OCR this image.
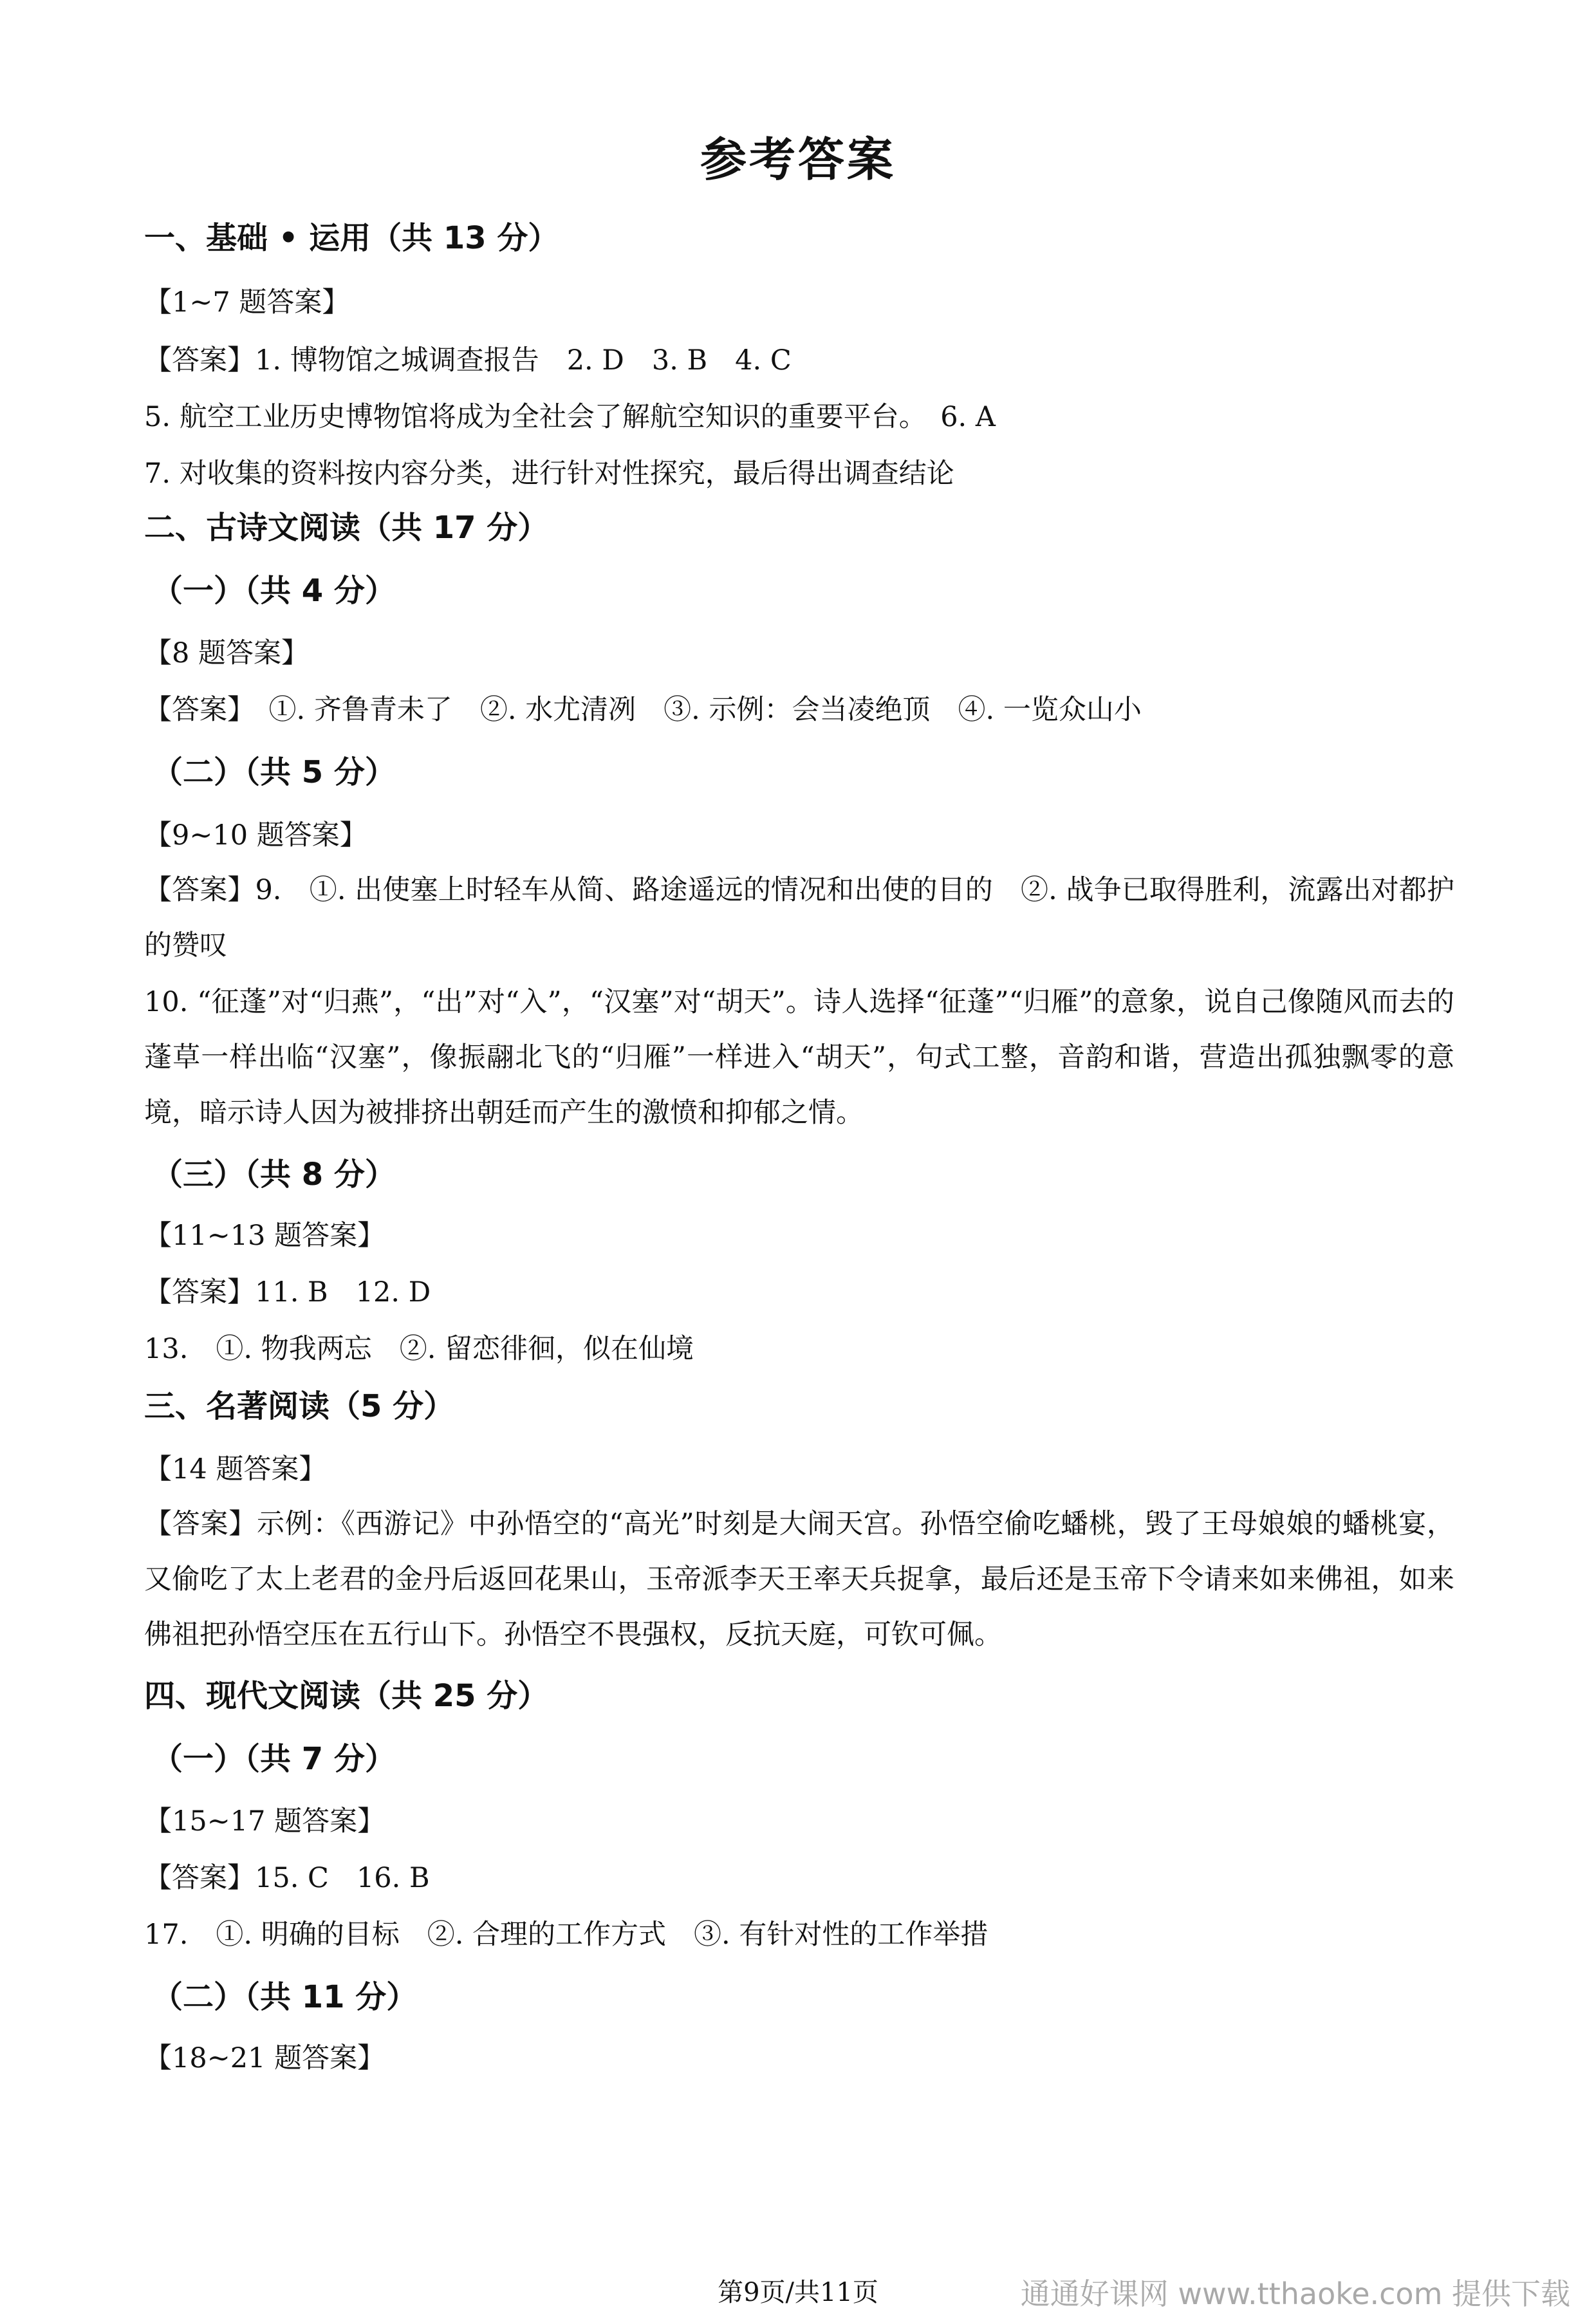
参考答案
一、基础 • 运用（共 13 分）
【1~7 题答案】
【答案】1. 博物馆之城调查报告　2. D　3. B　4. C
5. 航空工业历史博物馆将成为全社会了解航空知识的重要平台。　6. A
7. 对收集的资料按内容分类，进行针对性探究，最后得出调查结论
二、古诗文阅读（共 17 分）
（一）（共 4 分）
【8 题答案】
【答案】　①. 齐鲁青未了　②. 水尤清冽　③. 示例：会当凌绝顶　④. 一览众山小
（二）（共 5 分）
【9~10 题答案】
【答案】9.　①. 出使塞上时轻车从简、路途遥远的情况和出使的目的　②. 战争已取得胜利，流露出对都护的赞叹
10. “征蓬”对“归燕”，“出”对“入”，“汉塞”对“胡天”。诗人选择“征蓬”“归雁”的意象，说自己像随风而去的蓬草一样出临“汉塞”，像振翮北飞的“归雁”一样进入“胡天”，句式工整，音韵和谐，营造出孤独飘零的意境，暗示诗人因为被排挤出朝廷而产生的激愤和抑郁之情。
（三）（共 8 分）
【11~13 题答案】
【答案】11. B　12. D
13.　①. 物我两忘　②. 留恋徘徊，似在仙境
三、名著阅读（5 分）
【14 题答案】
【答案】示例：《西游记》中孙悟空的“高光”时刻是大闹天宫。孙悟空偷吃蟠桃，毁了王母娘娘的蟠桃宴，又偷吃了太上老君的金丹后返回花果山，玉帝派李天王率天兵捉拿，最后还是玉帝下令请来如来佛祖，如来佛祖把孙悟空压在五行山下。孙悟空不畏强权，反抗天庭，可钦可佩。
四、现代文阅读（共 25 分）
（一）（共 7 分）
【15~17 题答案】
【答案】15. C　16. B
17.　①. 明确的目标　②. 合理的工作方式　③. 有针对性的工作举措
（二）（共 11 分）
【18~21 题答案】
第9页/共11页	通通好课网 www.tthaoke.com 提供下载
